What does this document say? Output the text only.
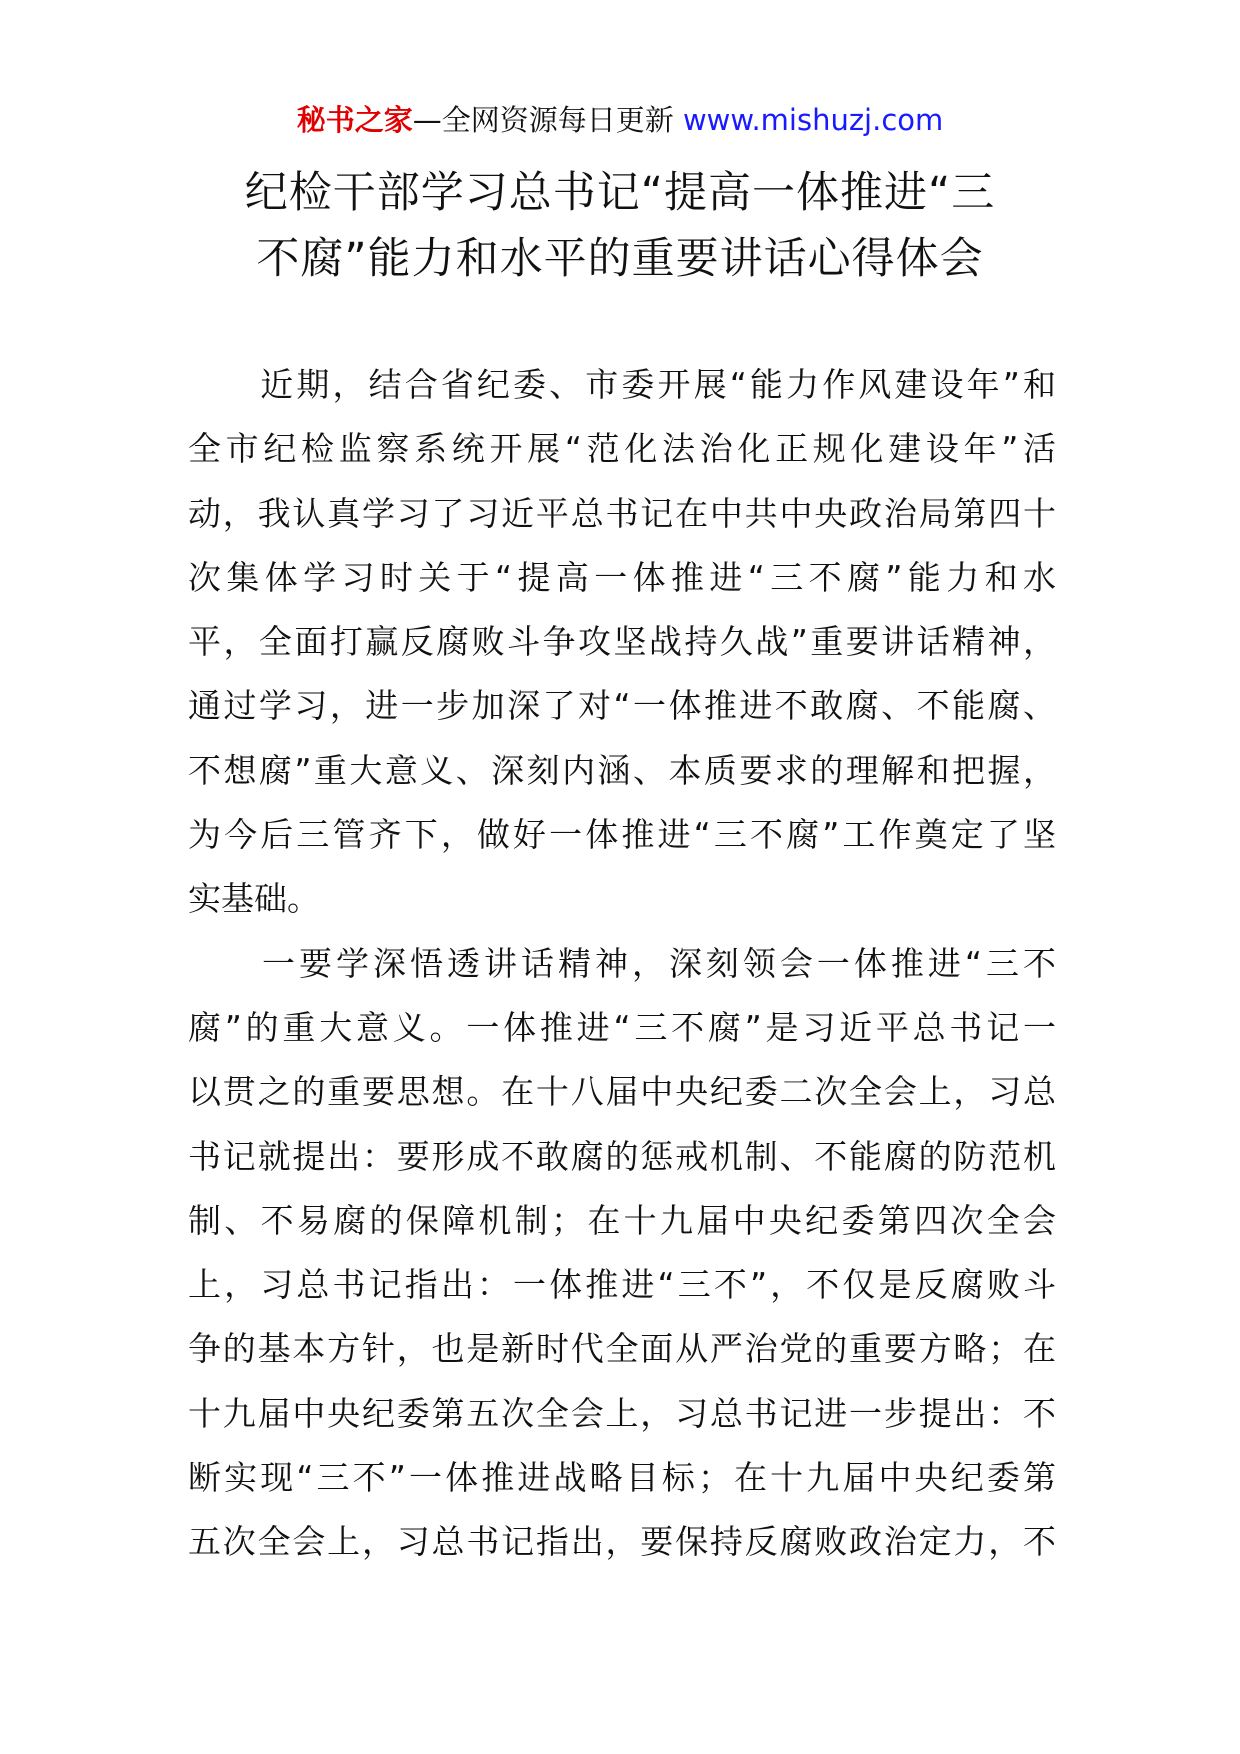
秘书之家—全网资源每日更新 www.mishuzj.com
纪检干部学习总书记“提高一体推进“三
不腐”能力和水平的重要讲话心得体会
　　近期，结合省纪委、市委开展“能力作风建设年”和
全市纪检监察系统开展“范化法治化正规化建设年”活
动，我认真学习了习近平总书记在中共中央政治局第四十
次集体学习时关于“提高一体推进“三不腐”能力和水
平，全面打赢反腐败斗争攻坚战持久战”重要讲话精神，
通过学习，进一步加深了对“一体推进不敢腐、不能腐、
不想腐”重大意义、深刻内涵、本质要求的理解和把握，
为今后三管齐下，做好一体推进“三不腐”工作奠定了坚
实基础。
　　一要学深悟透讲话精神，深刻领会一体推进“三不
腐”的重大意义。一体推进“三不腐”是习近平总书记一
以贯之的重要思想。在十八届中央纪委二次全会上，习总
书记就提出：要形成不敢腐的惩戒机制、不能腐的防范机
制、不易腐的保障机制；在十九届中央纪委第四次全会
上，习总书记指出：一体推进“三不”，不仅是反腐败斗
争的基本方针，也是新时代全面从严治党的重要方略；在
十九届中央纪委第五次全会上，习总书记进一步提出：不
断实现“三不”一体推进战略目标；在十九届中央纪委第
五次全会上，习总书记指出，要保持反腐败政治定力，不
